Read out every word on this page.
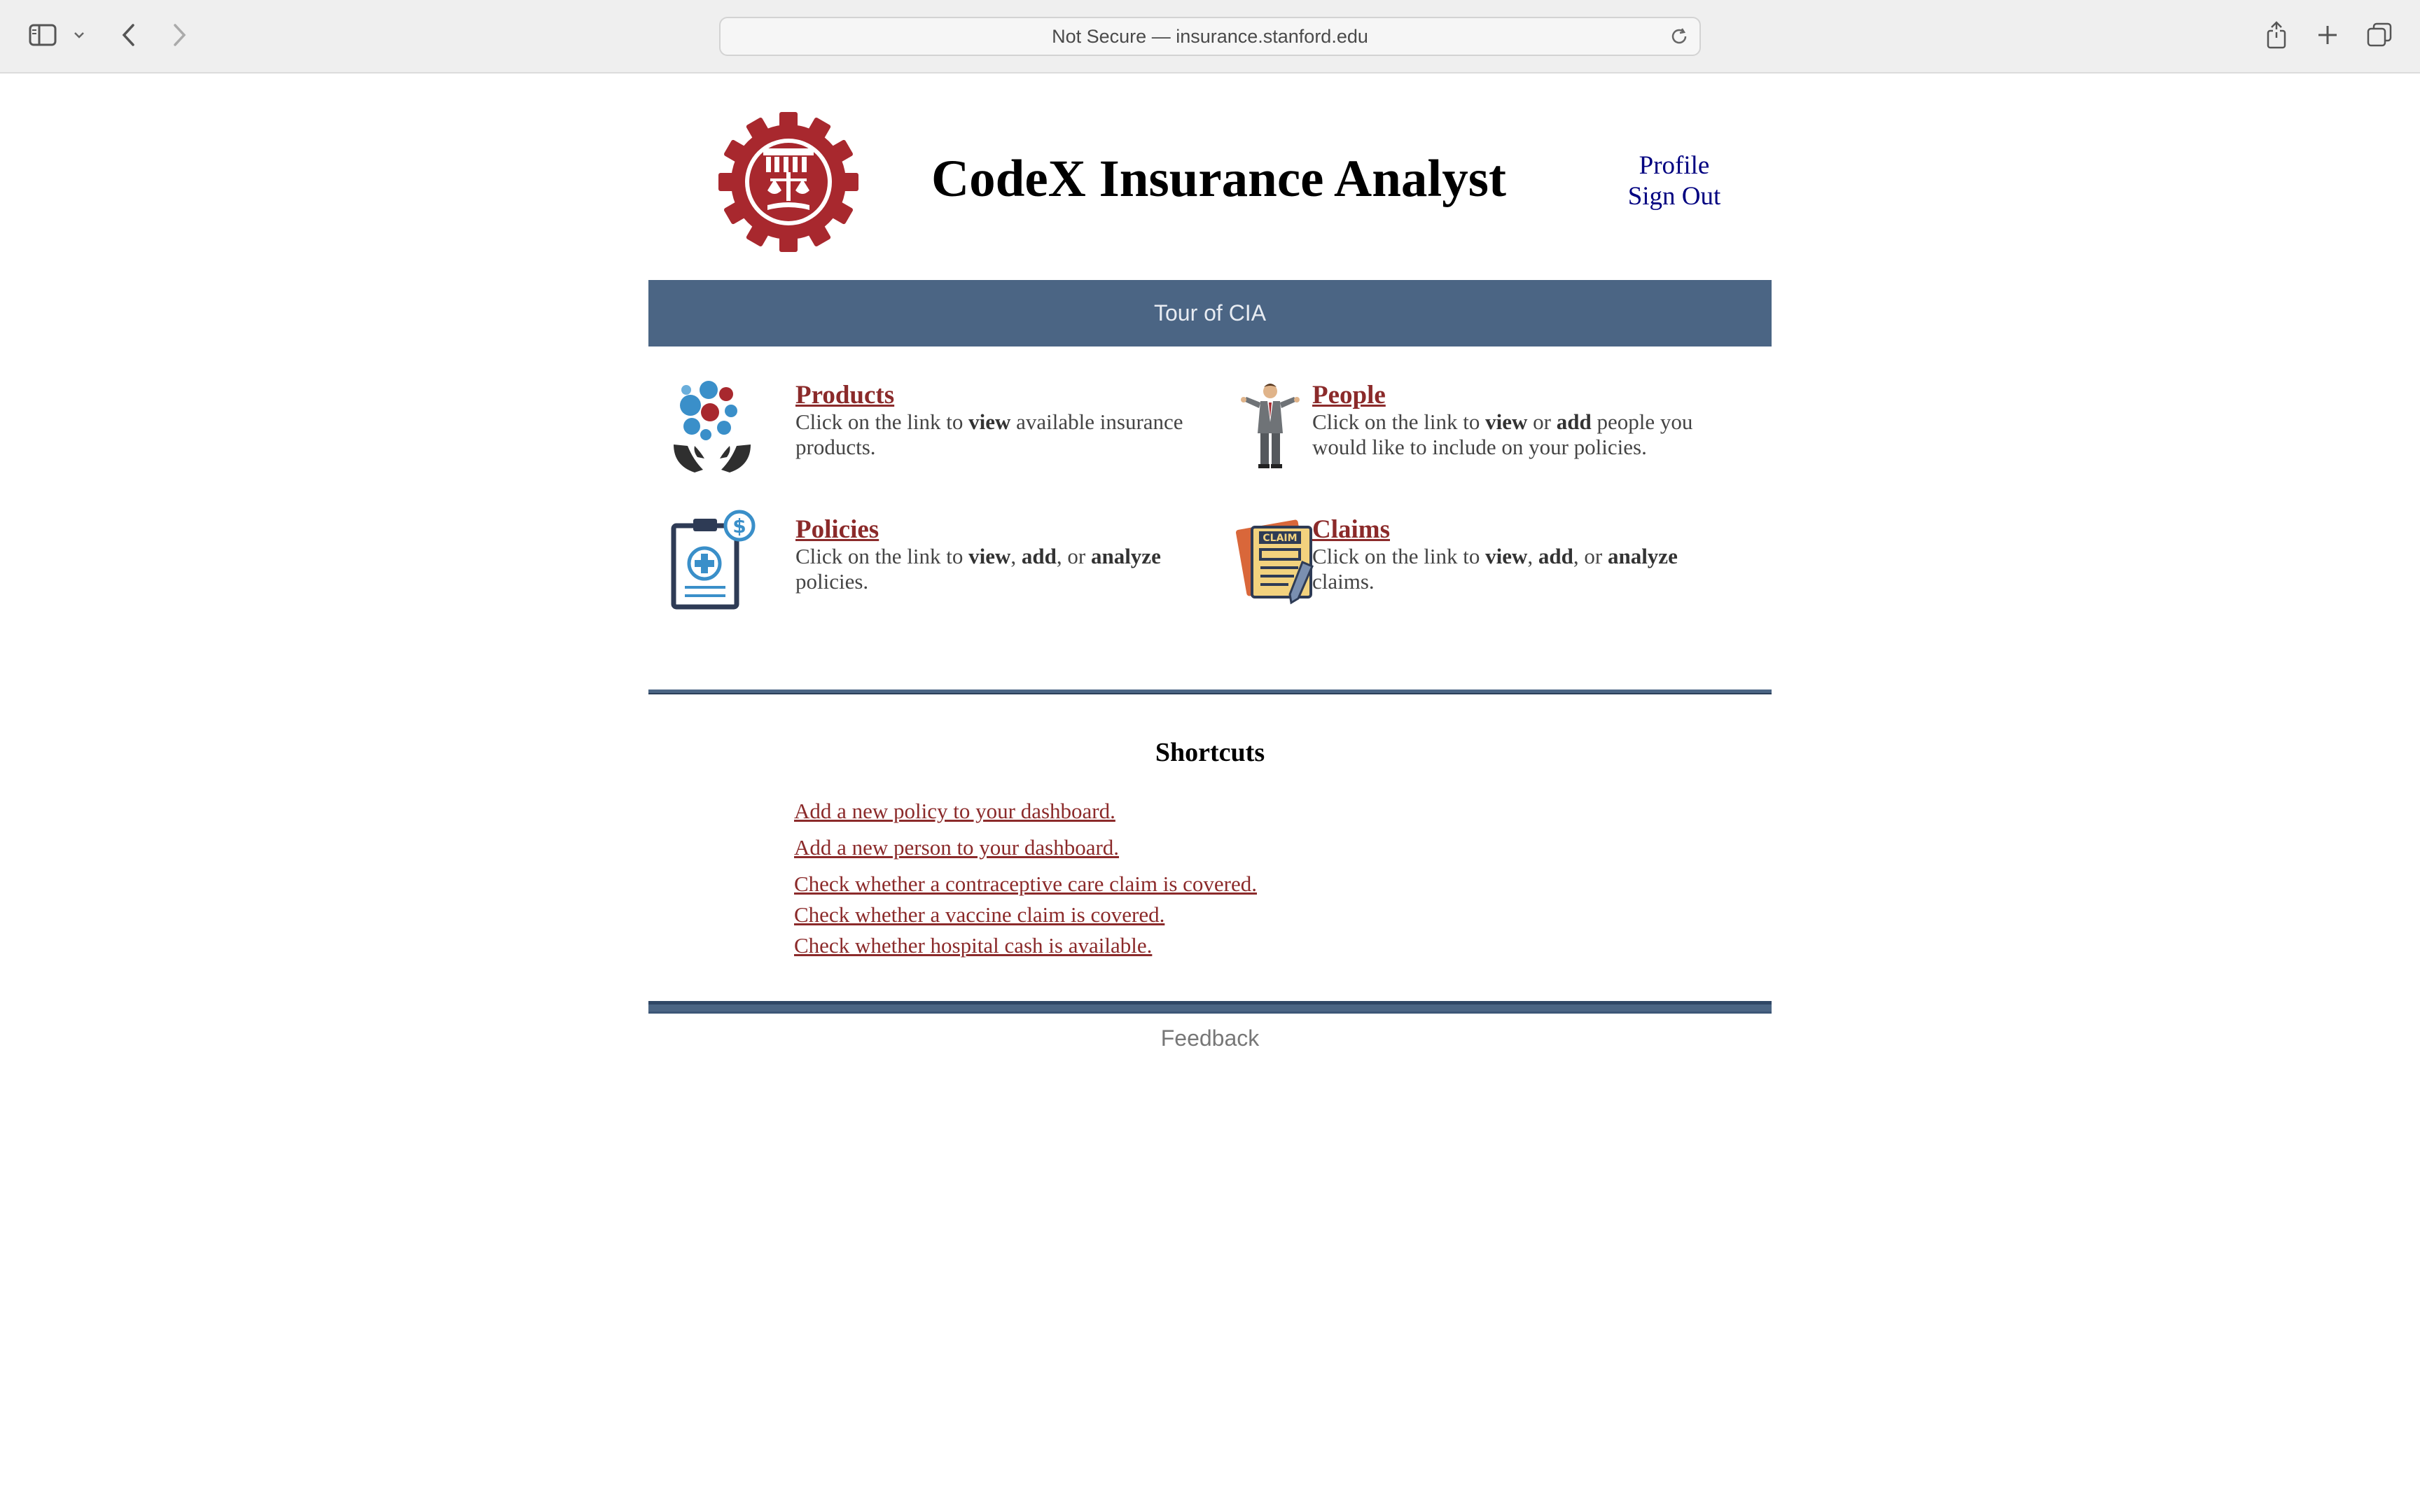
Not Secure — insurance.stanford.edu
CodeX Insurance Analyst	Profile
Sign Out
Tour of CIA
Products
Click on the link to view available insurance products.
People
Click on the link to view or add people you would like to include on your policies.
$ Policies
Click on the link to view, add, or analyze policies.
CLAIM Claims
Click on the link to view, add, or analyze claims.
Shortcuts
Add a new policy to your dashboard.
Add a new person to your dashboard.
Check whether a contraceptive care claim is covered.
Check whether a vaccine claim is covered.
Check whether hospital cash is available.
Feedback
